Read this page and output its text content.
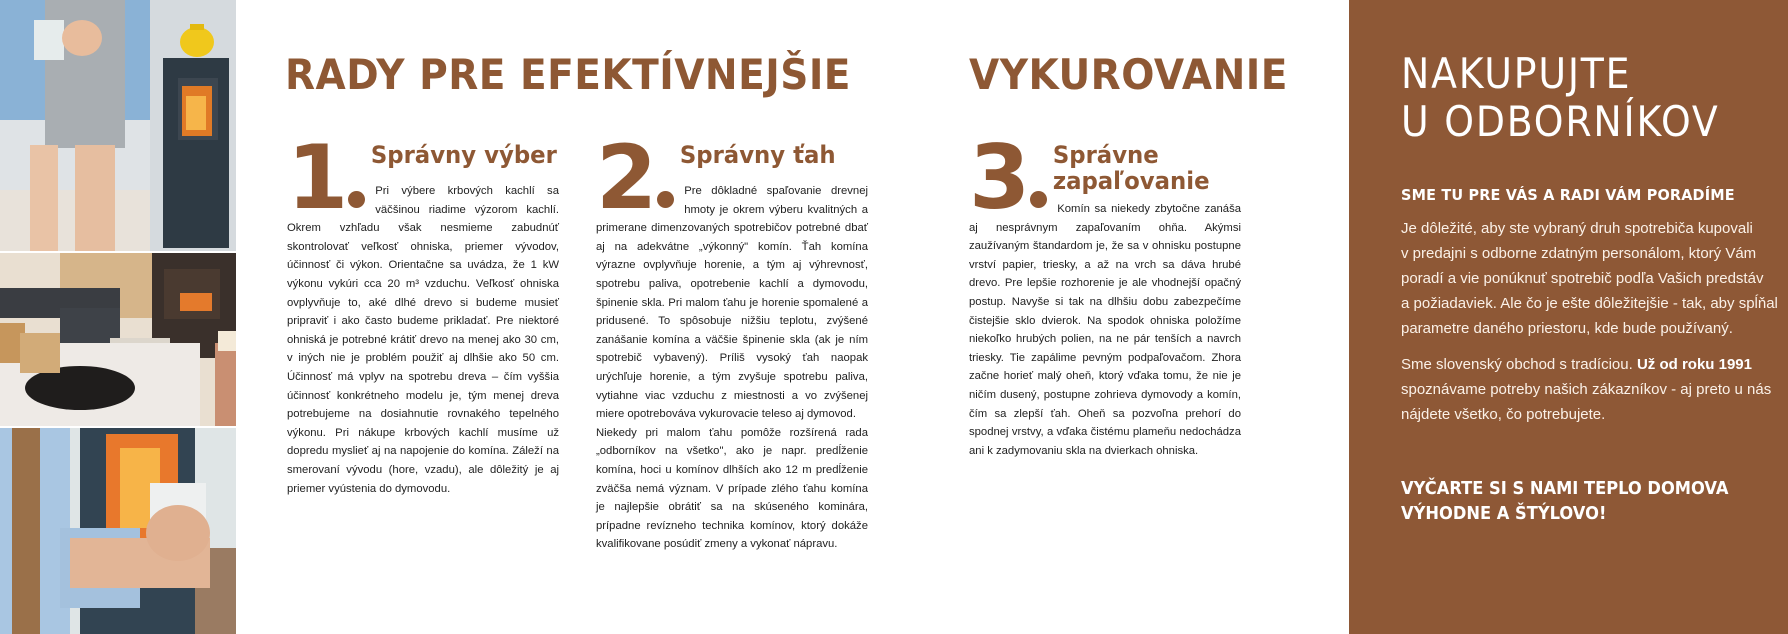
RADY PRE EFEKTÍVNEJŠIE	VYKUROVANIE
1	Správny výber

Pri výbere krbových kachlí sa väčšinou riadime výzorom kachlí. Okrem vzhľadu však nesmieme zabudnúť skontrolovať veľkosť ohniska, priemer vývodov, účinnosť či výkon. Orientačne sa uvádza, že 1 kW výkonu vykúri cca 20 m³ vzduchu. Veľkosť ohniska ovplyvňuje to, aké dlhé drevo si budeme musieť pripraviť i ako často budeme prikladať. Pre niektoré ohniská je potrebné krátiť drevo na menej ako 30 cm, v iných nie je problém použiť aj dlhšie ako 50 cm. Účinnosť má vplyv na spotrebu dreva – čím vyššia účinnosť konkrétneho modelu je, tým menej dreva potrebujeme na dosiahnutie rovnakého tepelného výkonu. Pri nákupe krbových kachlí musíme už dopredu myslieť aj na napojenie do komína. Záleží na smerovaní vývodu (hore, vzadu), ale dôležitý je aj priemer vyústenia do dymovodu.

2	Správny ťah

Pre dôkladné spaľovanie drevnej hmoty je okrem výberu kvalitných a primerane dimenzovaných spotrebičov potrebné dbať aj na adekvátne „výkonný" komín. Ťah komína výrazne ovplyvňuje horenie, a tým aj výhrevnosť, spotrebu paliva, opotrebenie kachlí a dymovodu, špinenie skla. Pri malom ťahu je horenie spomalené a pridusené. To spôsobuje nižšiu teplotu, zvýšené zanášanie komína a väčšie špinenie skla (ak je ním spotrebič vybavený). Príliš vysoký ťah naopak urýchľuje horenie, a tým zvyšuje spotrebu paliva, vytiahne viac vzduchu z miestnosti a vo zvýšenej miere opotrebováva vykurovacie teleso aj dymovod.

Niekedy pri malom ťahu pomôže rozšírená rada „odborníkov na všetko", ako je napr. predĺženie komína, hoci u komínov dlhších ako 12 m predĺženie zväčša nemá význam. V prípade zlého ťahu komína je najlepšie obrátiť sa na skúseného kominára, prípadne revízneho technika komínov, ktorý dokáže kvalifikovane posúdiť zmeny a vykonať nápravu.

3	Správne
zapaľovanie

Komín sa niekedy zbytočne zanáša aj nesprávnym zapaľovaním ohňa. Akýmsi zaužívaným štandardom je, že sa v ohnisku postupne vrství papier, triesky, a až na vrch sa dáva hrubé drevo. Pre lepšie rozhorenie je ale vhodnejší opačný postup. Navyše si tak na dlhšiu dobu zabezpečíme čistejšie sklo dvierok. Na spodok ohniska položíme niekoľko hrubých polien, na ne pár tenších a navrch triesky. Tie zapálime pevným podpaľovačom. Zhora začne horieť malý oheň, ktorý vďaka tomu, že nie je ničím dusený, postupne zohrieva dymovody a komín, čím sa zlepší ťah. Oheň sa pozvoľna prehorí do spodnej vrstvy, a vďaka čistému plameňu nedochádza ani k zadymovaniu skla na dvierkach ohniska.

NAKUPUJTE
U ODBORNÍKOV
SME TU PRE VÁS A RADI VÁM PORADÍME

Je dôležité, aby ste vybraný druh spotrebiča kupovali
v predajni s odborne zdatným personálom, ktorý Vám
poradí a vie ponúknuť spotrebič podľa Vašich predstáv
a požiadaviek. Ale čo je ešte dôležitejšie - tak, aby spĺňal
parametre daného priestoru, kde bude používaný.

Sme slovenský obchod s tradíciou. Už od roku 1991
spoznávame potreby našich zákazníkov - aj preto u nás
nájdete všetko, čo potrebujete.

VYČARTE SI S NAMI TEPLO DOMOVA
VÝHODNE A ŠTÝLOVO!
